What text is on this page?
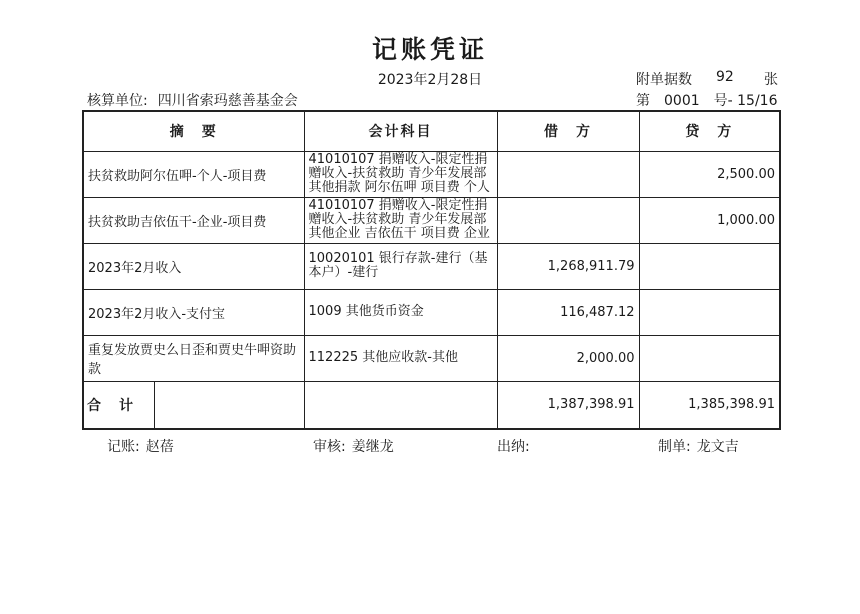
记账凭证
2023年2月28日	附单据数 92 张
核算单位: 四川省索玛慈善基金会	第　0001　号- 15/16
摘　要	会计科目	借　方	贷　方
扶贫救助阿尔伍呷-个人-项目费	41010107 捐赠收入-限定性捐赠收入-扶贫救助 青少年发展部 其他捐款 阿尔伍呷 项目费 个人		2,500.00
扶贫救助吉依伍干-企业-项目费	41010107 捐赠收入-限定性捐赠收入-扶贫救助 青少年发展部 其他企业 吉依伍干 项目费 企业		1,000.00
2023年2月收入	10020101 银行存款-建行（基本户）-建行	1,268,911.79	
2023年2月收入-支付宝	1009 其他货币资金	116,487.12	
重复发放贾史么日歪和贾史牛呷资助款	112225 其他应收款-其他	2,000.00	

合计		1,387,398.91	1,385,398.91
记账: 赵蓓	审核: 姜继龙	出纳:	制单: 龙文吉
